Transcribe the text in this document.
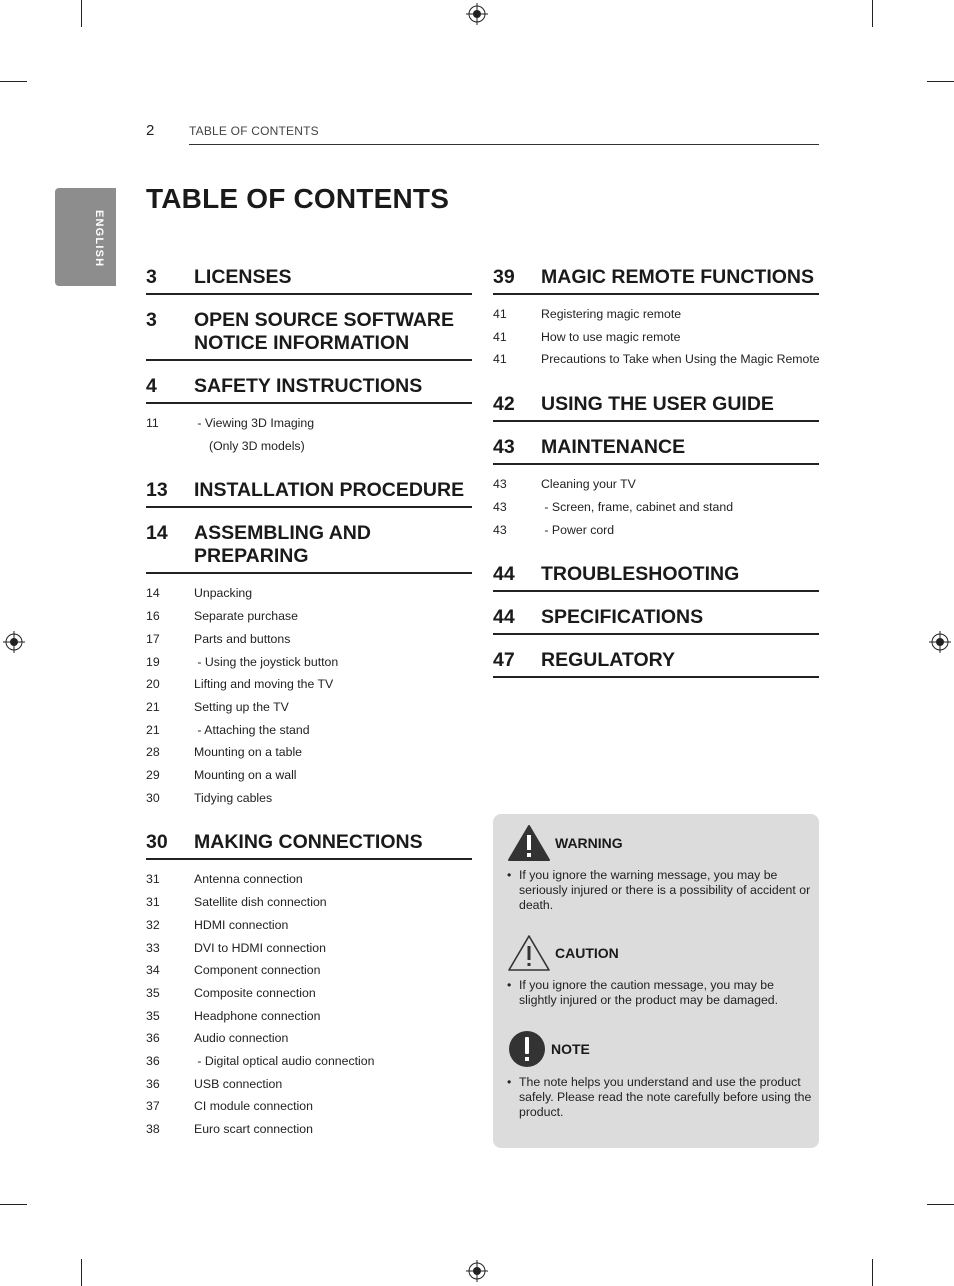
2	TABLE OF CONTENTS
ENGLISH
TABLE OF CONTENTS
3	LICENSES
3	OPEN SOURCE SOFTWARE NOTICE INFORMATION
4	SAFETY INSTRUCTIONS
11	- Viewing 3D Imaging
(Only 3D models)
13	INSTALLATION PROCEDURE
14	ASSEMBLING AND PREPARING
14	Unpacking
16	Separate purchase
17	Parts and buttons
19	- Using the joystick button
20	Lifting and moving the TV
21	Setting up the TV
21	- Attaching the stand
28	Mounting on a table
29	Mounting on a wall
30	Tidying cables
30	MAKING CONNECTIONS
31	Antenna connection
31	Satellite dish connection
32	HDMI connection
33	DVI to HDMI connection
34	Component connection
35	Composite connection
35	Headphone connection
36	Audio connection
36	- Digital optical audio connection
36	USB connection
37	CI module connection
38	Euro scart connection
39	MAGIC REMOTE FUNCTIONS
41	Registering magic remote
41	How to use magic remote
41	Precautions to Take when Using the Magic Remote
42	USING THE USER GUIDE
43	MAINTENANCE
43	Cleaning your TV
43	- Screen, frame, cabinet and stand
43	- Power cord
44	TROUBLESHOOTING
44	SPECIFICATIONS
47	REGULATORY
WARNING
• If you ignore the warning message, you may be seriously injured or there is a possibility of accident or death.
CAUTION
• If you ignore the caution message, you may be slightly injured or the product may be damaged.
NOTE
• The note helps you understand and use the product safely. Please read the note carefully before using the product.
